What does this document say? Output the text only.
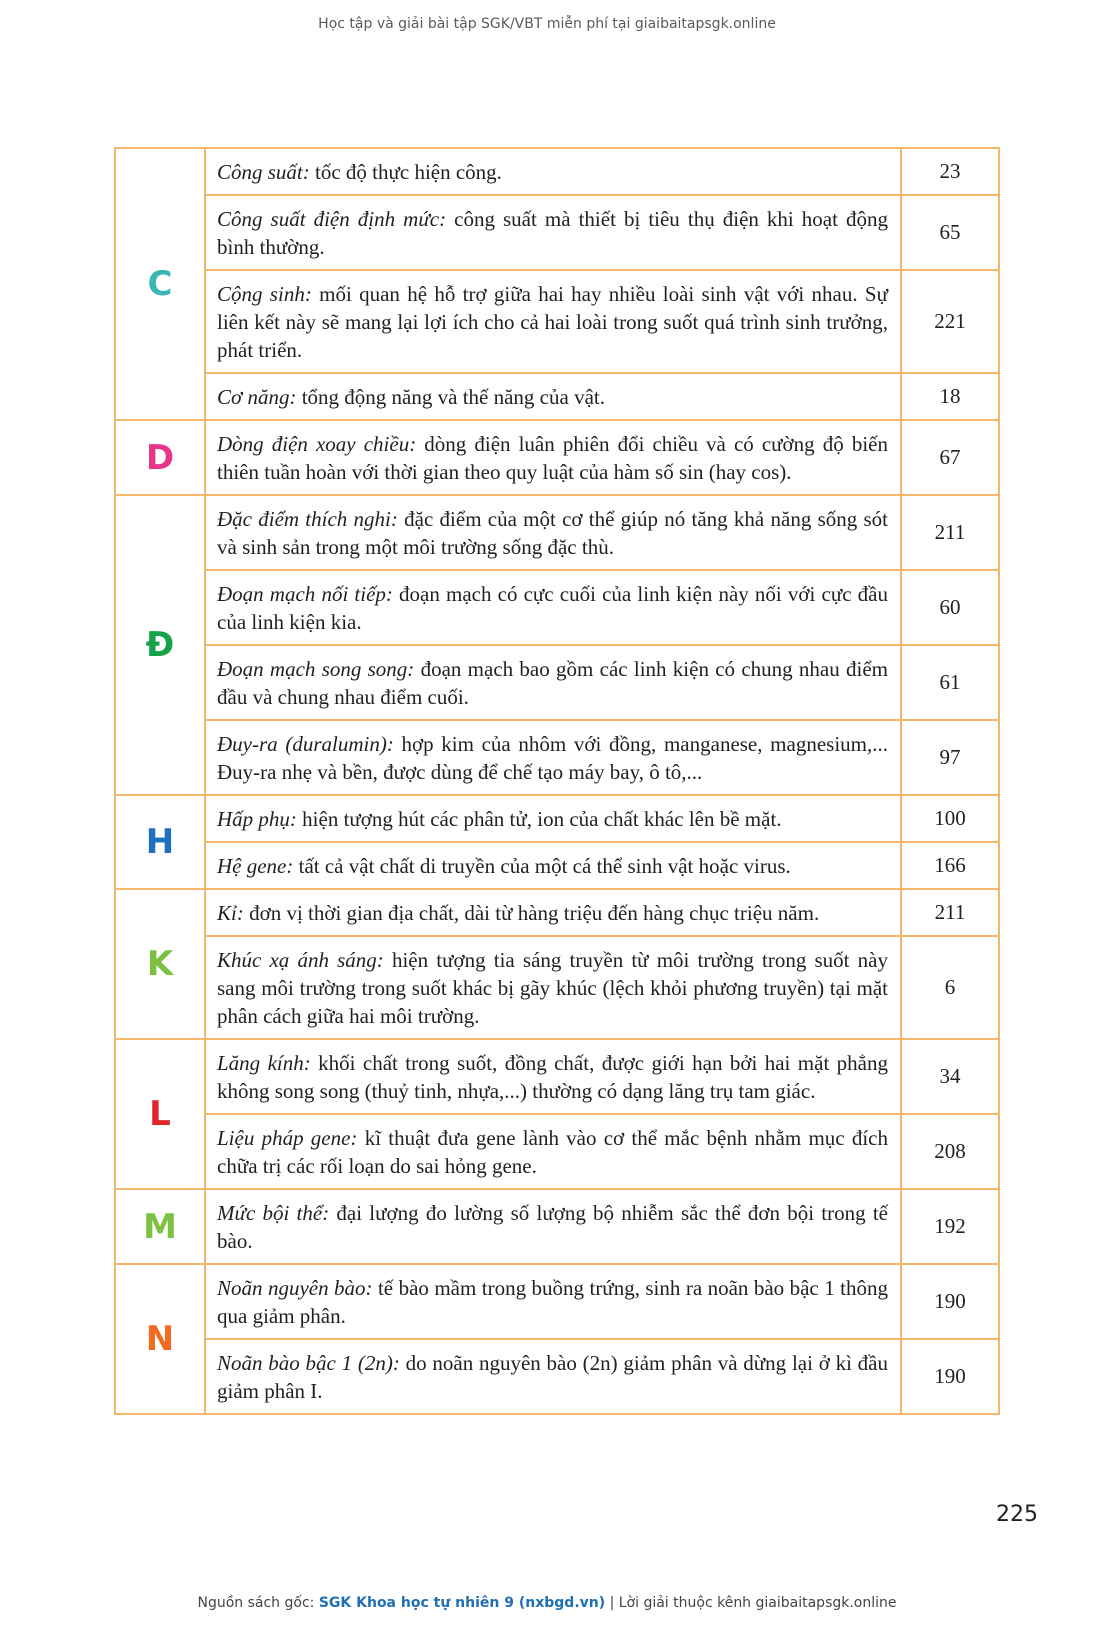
Học tập và giải bài tập SGK/VBT miễn phí tại giaibaitapsgk.online
C	Công suất: tốc độ thực hiện công.	23
	Công suất điện định mức: công suất mà thiết bị tiêu thụ điện khi hoạt động bình thường.	65
	Cộng sinh: mối quan hệ hỗ trợ giữa hai hay nhiều loài sinh vật với nhau. Sự liên kết này sẽ mang lại lợi ích cho cả hai loài trong suốt quá trình sinh trưởng, phát triển.	221
	Cơ năng: tổng động năng và thế năng của vật.	18
D	Dòng điện xoay chiều: dòng điện luân phiên đổi chiều và có cường độ biến thiên tuần hoàn với thời gian theo quy luật của hàm số sin (hay cos).	67
Đ	Đặc điểm thích nghi: đặc điểm của một cơ thể giúp nó tăng khả năng sống sót và sinh sản trong một môi trường sống đặc thù.	211
	Đoạn mạch nối tiếp: đoạn mạch có cực cuối của linh kiện này nối với cực đầu của linh kiện kia.	60
	Đoạn mạch song song: đoạn mạch bao gồm các linh kiện có chung nhau điểm đầu và chung nhau điểm cuối.	61
	Đuy-ra (duralumin): hợp kim của nhôm với đồng, manganese, magnesium,... Đuy-ra nhẹ và bền, được dùng để chế tạo máy bay, ô tô,...	97
H	Hấp phụ: hiện tượng hút các phân tử, ion của chất khác lên bề mặt.	100
	Hệ gene: tất cả vật chất di truyền của một cá thể sinh vật hoặc virus.	166
K	Kỉ: đơn vị thời gian địa chất, dài từ hàng triệu đến hàng chục triệu năm.	211
	Khúc xạ ánh sáng: hiện tượng tia sáng truyền từ môi trường trong suốt này sang môi trường trong suốt khác bị gãy khúc (lệch khỏi phương truyền) tại mặt phân cách giữa hai môi trường.	6
L	Lăng kính: khối chất trong suốt, đồng chất, được giới hạn bởi hai mặt phẳng không song song (thuỷ tinh, nhựa,...) thường có dạng lăng trụ tam giác.	34
	Liệu pháp gene: kĩ thuật đưa gene lành vào cơ thể mắc bệnh nhằm mục đích chữa trị các rối loạn do sai hỏng gene.	208
M	Mức bội thể: đại lượng đo lường số lượng bộ nhiễm sắc thể đơn bội trong tế bào.	192
N	Noãn nguyên bào: tế bào mầm trong buồng trứng, sinh ra noãn bào bậc 1 thông qua giảm phân.	190
	Noãn bào bậc 1 (2n): do noãn nguyên bào (2n) giảm phân và dừng lại ở kì đầu giảm phân I.	190
225
Nguồn sách gốc: SGK Khoa học tự nhiên 9 (nxbgd.vn) | Lời giải thuộc kênh giaibaitapsgk.online
